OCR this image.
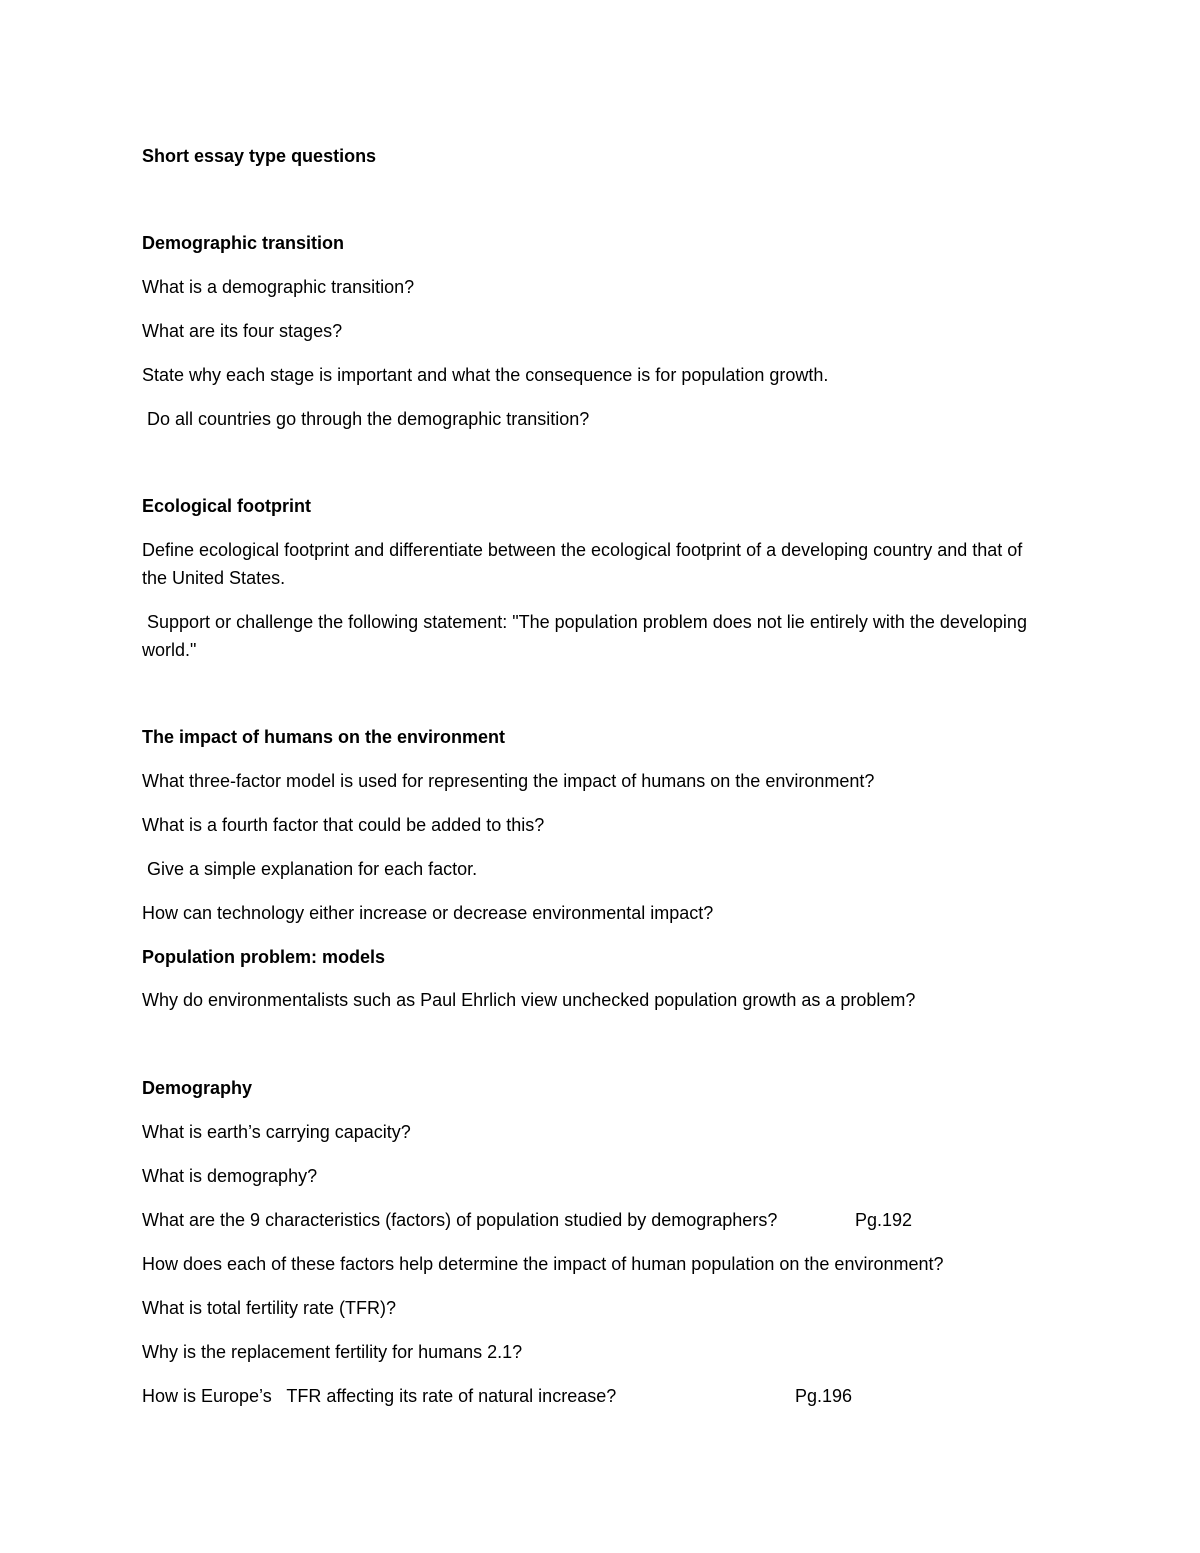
Short essay type questions

Demographic transition

What is a demographic transition?

What are its four stages?

State why each stage is important and what the consequence is for population growth.

Do all countries go through the demographic transition?

Ecological footprint

Define ecological footprint and differentiate between the ecological footprint of a developing country and that of the United States.

Support or challenge the following statement: "The population problem does not lie entirely with the developing world."

The impact of humans on the environment

What three-factor model is used for representing the impact of humans on the environment?

What is a fourth factor that could be added to this?

Give a simple explanation for each factor.

How can technology either increase or decrease environmental impact?

Population problem: models

Why do environmentalists such as Paul Ehrlich view unchecked population growth as a problem?

Demography

What is earth’s carrying capacity?

What is demography?

What are the 9 characteristics (factors) of population studied by demographers?	Pg.192

How does each of these factors help determine the impact of human population on the environment?

What is total fertility rate (TFR)?

Why is the replacement fertility for humans 2.1?

How is Europe’s   TFR affecting its rate of natural increase?	Pg.196
